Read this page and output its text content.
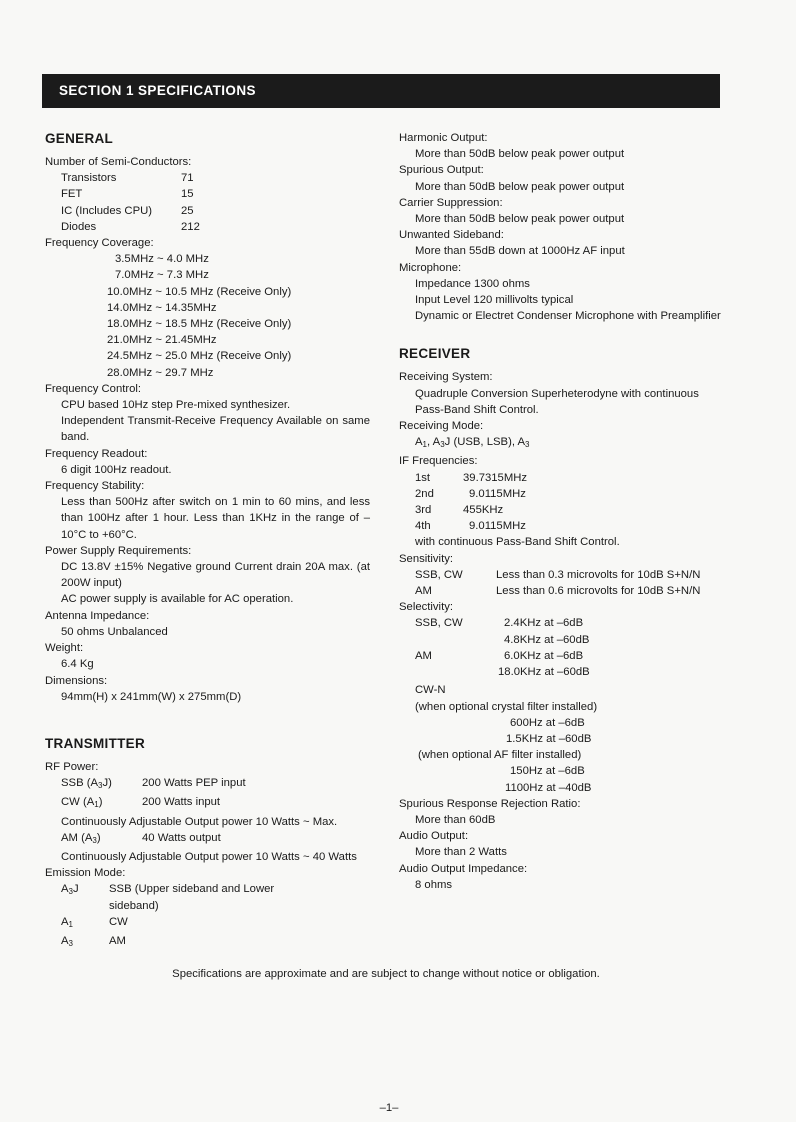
SECTION 1 SPECIFICATIONS
GENERAL
Number of Semi-Conductors:
Transistors	71
FET	15
IC (Includes CPU)	25
Diodes	212
Frequency Coverage:
3.5MHz ~ 4.0 MHz
7.0MHz ~ 7.3 MHz
10.0MHz ~ 10.5 MHz (Receive Only)
14.0MHz ~ 14.35MHz
18.0MHz ~ 18.5 MHz (Receive Only)
21.0MHz ~ 21.45MHz
24.5MHz ~ 25.0 MHz (Receive Only)
28.0MHz ~ 29.7 MHz
Frequency Control:
CPU based 10Hz step Pre-mixed synthesizer.
Independent Transmit-Receive Frequency Available on same band.
Frequency Readout:
6 digit 100Hz readout.
Frequency Stability:
Less than 500Hz after switch on 1 min to 60 mins, and less than 100Hz after 1 hour. Less than 1KHz in the range of –10°C to +60°C.
Power Supply Requirements:
DC 13.8V ±15% Negative ground Current drain 20A max. (at 200W input)
AC power supply is available for AC operation.
Antenna Impedance:
50 ohms Unbalanced
Weight:
6.4 Kg
Dimensions:
94mm(H) x 241mm(W) x 275mm(D)
TRANSMITTER
RF Power:
SSB $(A_3J)$	200 Watts PEP input
CW $(A_1)$	200 Watts input
Continuously Adjustable Output power 10 Watts ~ Max.
AM $(A_3)$	40 Watts output
Continuously Adjustable Output power 10 Watts ~ 40 Watts
Emission Mode:
$A_3J$	SSB (Upper sideband and Lower sideband)
$A_1$	CW
$A_3$	AM
Harmonic Output:
More than 50dB below peak power output
Spurious Output:
More than 50dB below peak power output
Carrier Suppression:
More than 50dB below peak power output
Unwanted Sideband:
More than 55dB down at 1000Hz AF input
Microphone:
Impedance 1300 ohms
Input Level 120 millivolts typical
Dynamic or Electret Condenser Microphone with Preamplifier
RECEIVER
Receiving System:
Quadruple Conversion Superheterodyne with continuous Pass-Band Shift Control.
Receiving Mode:
$A_1$, $A_3J$ (USB, LSB), $A_3$
IF Frequencies:
1st	39.7315MHz
2nd	9.0115MHz
3rd	455KHz
4th	9.0115MHz
with continuous Pass-Band Shift Control.
Sensitivity:
SSB, CW	Less than 0.3 microvolts for 10dB S+N/N
AM	Less than 0.6 microvolts for 10dB S+N/N
Selectivity:
SSB, CW	2.4KHz at –6dB
4.8KHz at –60dB
AM	6.0KHz at –6dB
18.0KHz at –60dB
CW-N
(when optional crystal filter installed)
600Hz at –6dB
1.5KHz at –60dB
(when optional AF filter installed)
150Hz at –6dB
1100Hz at –40dB
Spurious Response Rejection Ratio:
More than 60dB
Audio Output:
More than 2 Watts
Audio Output Impedance:
8 ohms
Specifications are approximate and are subject to change without notice or obligation.
–1–
